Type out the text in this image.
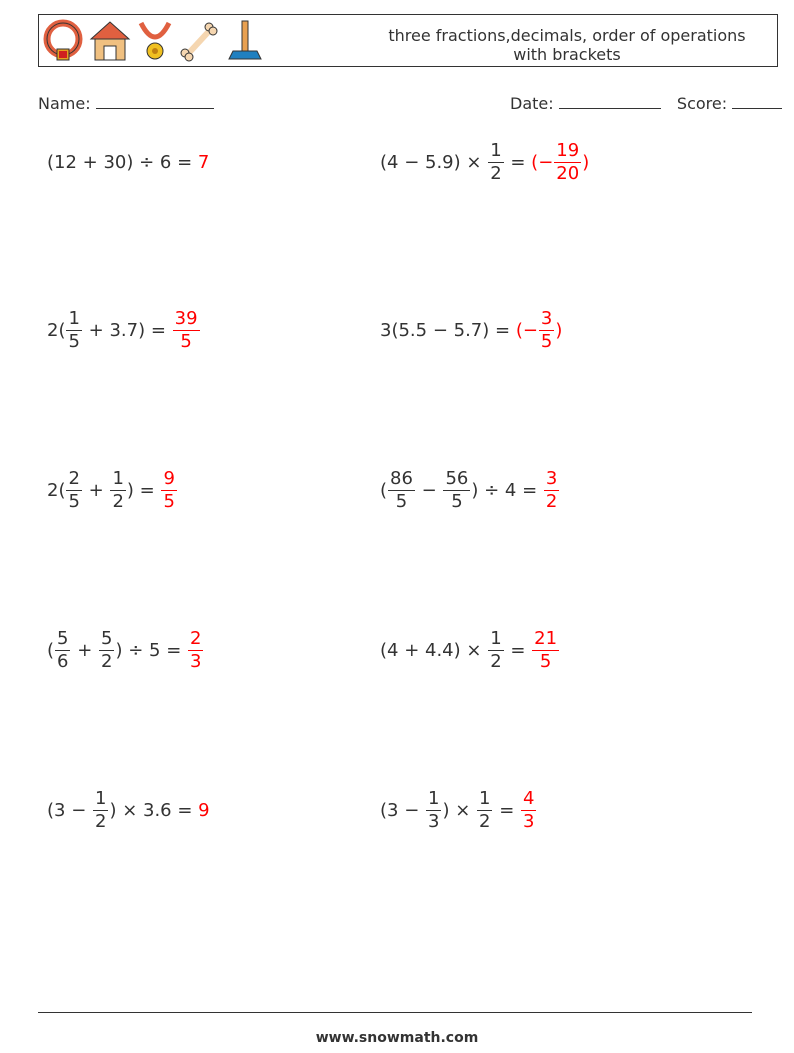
three fractions,decimals, order of operations
with brackets
Name:	Date:	Score:
(12 + 30) ÷ 6 = 7	$(4 - 5.9) \times \frac{1}{2}$ = (− $\frac{19}{20}$ )
$2( \frac{1}{5} + 3.7) = \frac{39}{5}$	3(5.5 − 5.7) = (− $\frac{3}{5}$ )
$2( \frac{2}{5} + \frac{1}{2}$ ) = $\frac{9}{5}$	( $\frac{86}{5} - \frac{56}{5}$ ) ÷ $4 = \frac{3}{2}$
( $\frac{5}{6} + \frac{5}{2}$ ) ÷ $5 = \frac{2}{3}$	$(4 + 4.4) \times \frac{1}{2} = \frac{21}{5}$
($3 - \frac{1}{2}$ ) × 3.6 = 9	($3 - \frac{1}{3}$ ) × $\frac{1}{2} = \frac{4}{3}$
www.snowmath.com
